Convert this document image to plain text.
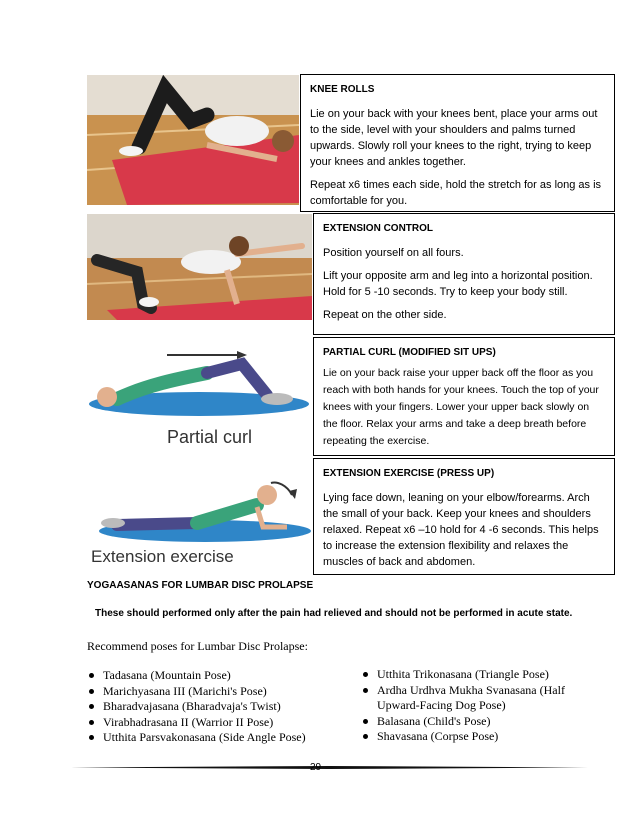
Partial curl
Extension exercise
KNEE ROLLS

Lie on your back with your knees bent, place your arms out to the side, level with your shoulders and palms turned upwards. Slowly roll your knees to the right, trying to keep your knees and ankles together.

Repeat x6 times each side, hold the stretch for as long as is comfortable for you.

EXTENSION CONTROL

Position yourself on all fours.

Lift your opposite arm and leg into a horizontal position. Hold for 5 -10 seconds. Try to keep your body still.

Repeat on the other side.

PARTIAL CURL (MODIFIED SIT UPS)

Lie on your back raise your upper back off the floor as you reach with both hands for your knees. Touch the top of your knees with your fingers. Lower your upper back slowly on the floor. Relax your arms and take a deep breath before repeating the exercise.

EXTENSION EXERCISE (PRESS UP)

Lying face down, leaning on your elbow/forearms. Arch the small of your back. Keep your knees and shoulders relaxed. Repeat x6 –10 hold for 4 -6 seconds. This helps to increase the extension flexibility and relaxes the muscles of back and abdomen.

YOGAASANAS FOR LUMBAR DISC PROLAPSE
These should performed only after the pain had relieved and should not be performed in acute state.
Recommend poses for Lumbar Disc Prolapse:
Tadasana (Mountain Pose)
Marichyasana III (Marichi's Pose)
Bharadvajasana (Bharadvaja's Twist)
Virabhadrasana II (Warrior II Pose)
Utthita Parsvakonasana (Side Angle Pose)
Utthita Trikonasana (Triangle Pose)
Ardha Urdhva Mukha Svanasana (Half Upward-Facing Dog Pose)
Balasana (Child's Pose)
Shavasana (Corpse Pose)
29
